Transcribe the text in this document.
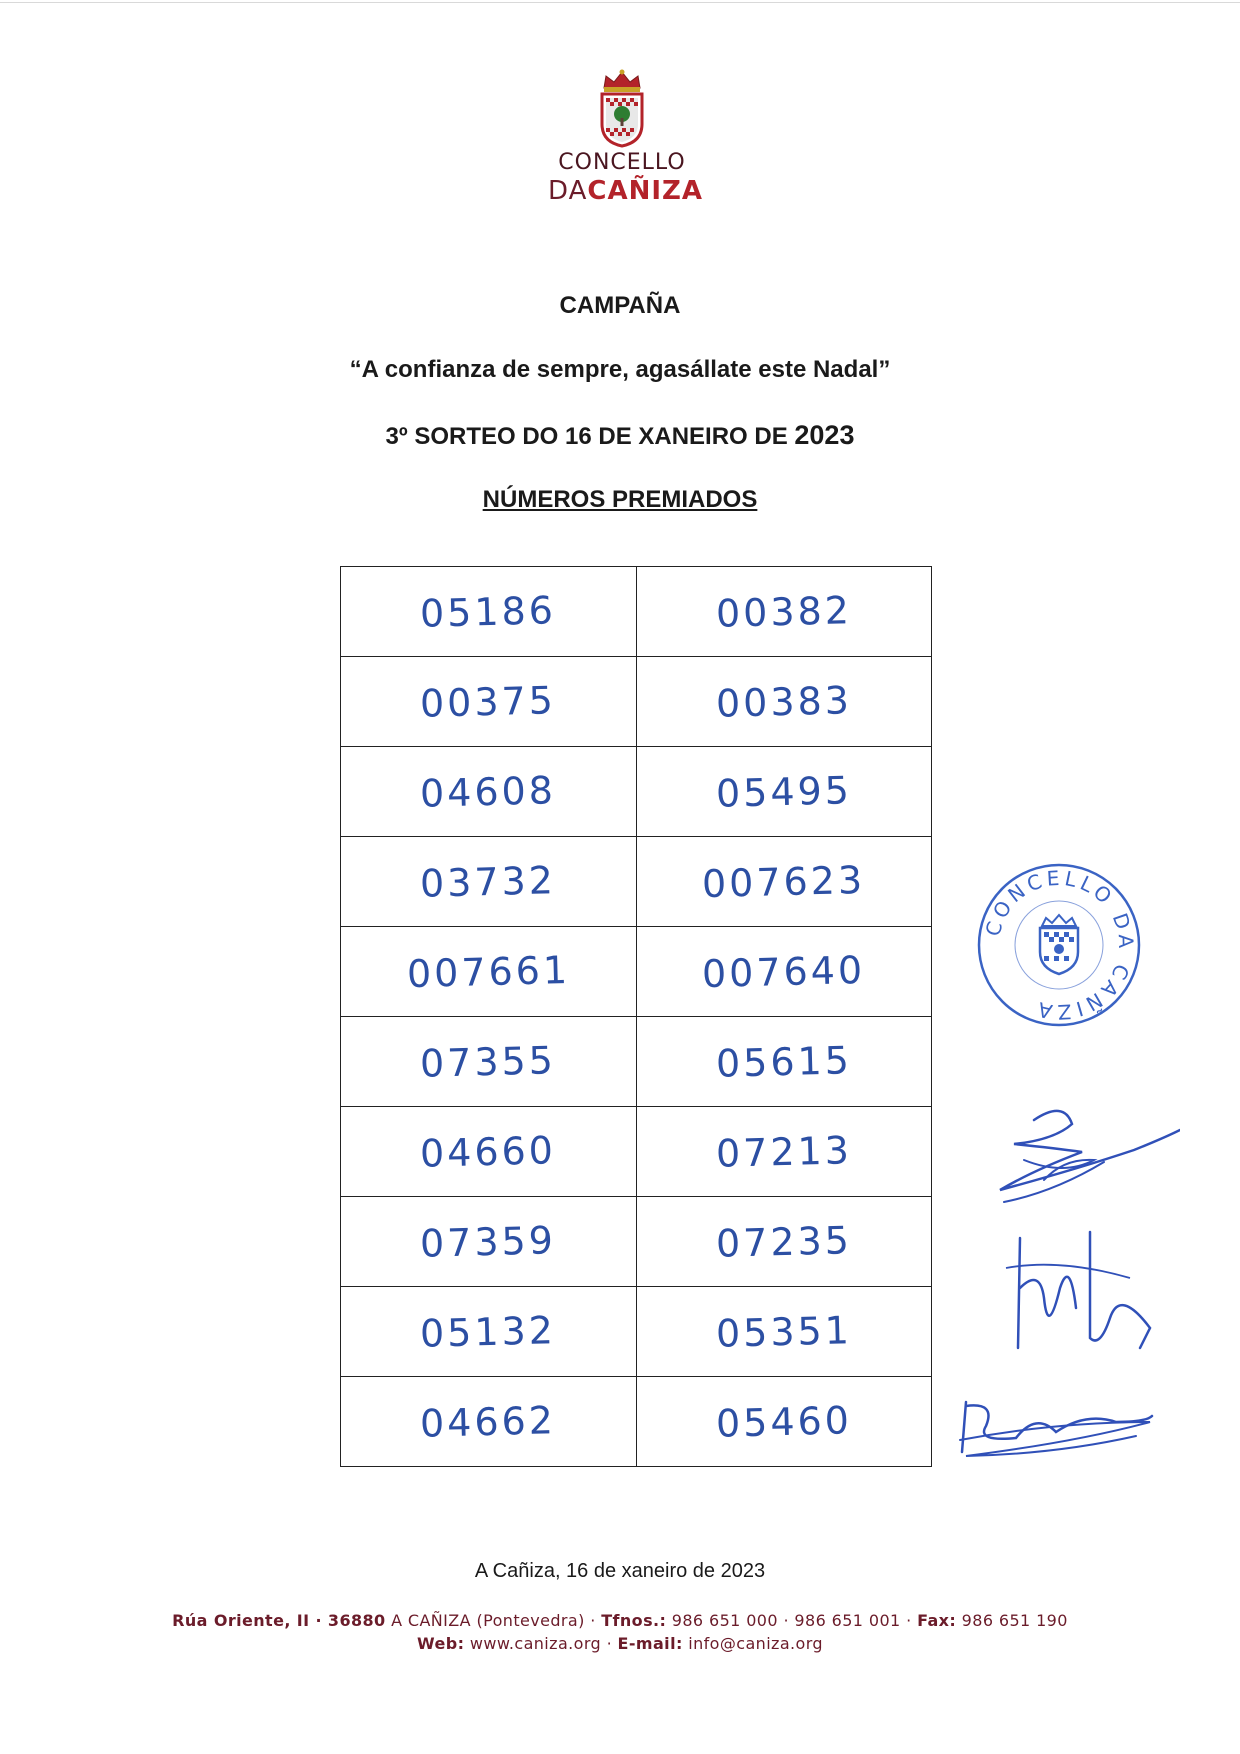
CONCELLO
DACAÑIZA
CAMPAÑA
“A confianza de sempre, agasállate este Nadal”
3º SORTEO DO 16 DE XANEIRO DE 2023
NÚMEROS PREMIADOS
05186	00382
00375	00383
04608	05495
03732	007623
007661	007640
07355	05615
04660	07213
07359	07235
05132	05351
04662	05460
CONCELLO DA CAÑIZA
A Cañiza, 16 de xaneiro de 2023
Rúa Oriente, II · 36880 A CAÑIZA (Pontevedra) · Tfnos.: 986 651 000 · 986 651 001 · Fax: 986 651 190
Web: www.caniza.org · E-mail: info@caniza.org
